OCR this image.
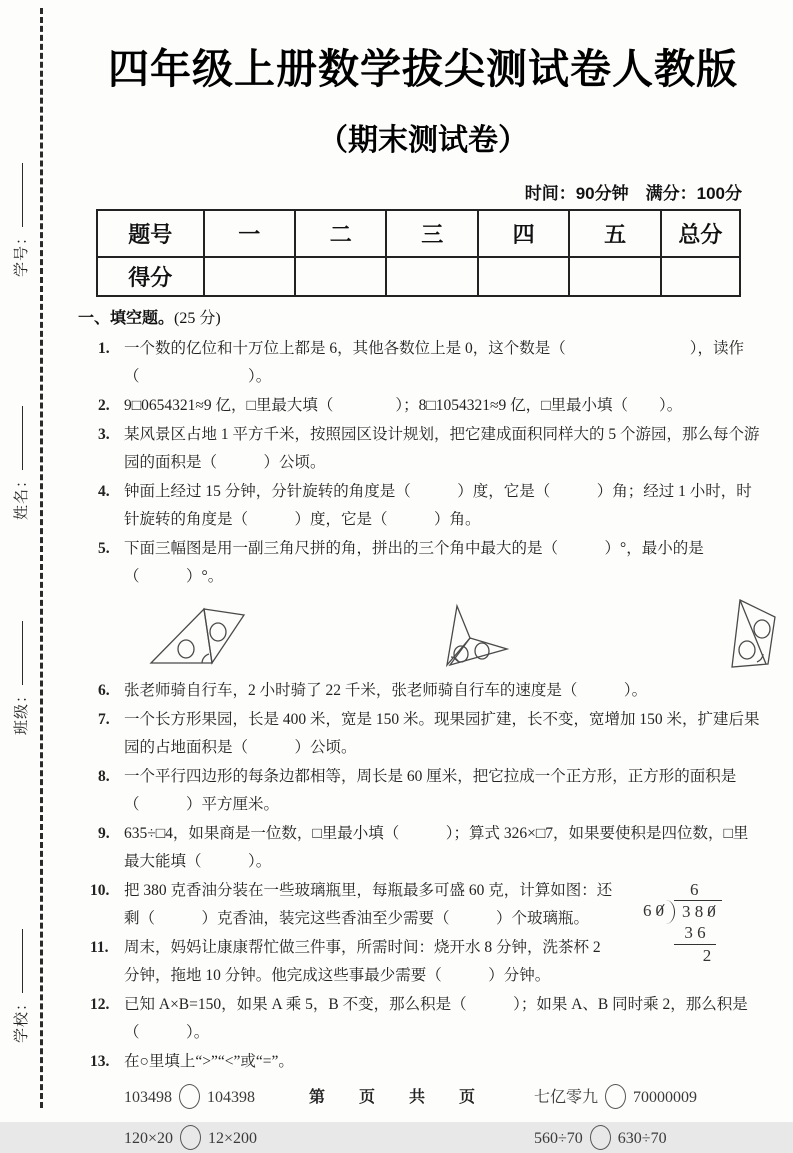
学号：
姓名：
班级：
学校：
四年级上册数学拔尖测试卷人教版
（期末测试卷）
时间：90分钟　满分：100分
题号	一	二	三	四	五	总分
得分						
一、填空题。(25 分)
1. 一个数的亿位和十万位上都是 6，其他各数位上是 0，这个数是（　　　　　　　　），读作（　　　　　　　）。
2. 9□0654321≈9 亿，□里最大填（　　　　）；8□1054321≈9 亿，□里最小填（　　）。
3. 某风景区占地 1 平方千米，按照园区设计规划，把它建成面积同样大的 5 个游园，那么每个游园的面积是（　　　）公顷。
4. 钟面上经过 15 分钟，分针旋转的角度是（　　　）度，它是（　　　）角；经过 1 小时，时针旋转的角度是（　　　）度，它是（　　　）角。
5. 下面三幅图是用一副三角尺拼的角，拼出的三个角中最大的是（　　　）°，最小的是（　　　）°。
6. 张老师骑自行车，2 小时骑了 22 千米，张老师骑自行车的速度是（　　　）。
7. 一个长方形果园，长是 400 米，宽是 150 米。现果园扩建，长不变，宽增加 150 米，扩建后果园的占地面积是（　　　）公顷。
8. 一个平行四边形的每条边都相等，周长是 60 厘米，把它拉成一个正方形，正方形的面积是（　　　）平方厘米。
9. 635÷□4，如果商是一位数，□里最小填（　　　）；算式 326×□7，如果要使积是四位数，□里最大能填（　　　）。
6
6 0	3 8 0
3 6
2
10. 把 380 克香油分装在一些玻璃瓶里，每瓶最多可盛 60 克，计算如图：还剩（　　　）克香油，装完这些香油至少需要（　　　）个玻璃瓶。
11. 周末，妈妈让康康帮忙做三件事，所需时间：烧开水 8 分钟，洗茶杯 2 分钟，拖地 10 分钟。他完成这些事最少需要（　　　）分钟。
12. 已知 A×B=150，如果 A 乘 5，B 不变，那么积是（　　　）；如果 A、B 同时乘 2，那么积是（　　　）。
13. 在○里填上“>”“<”或“=”。
103498 104398	七亿零九 70000009
120×20 12×200	560÷70 630÷70
第　页　共　页
